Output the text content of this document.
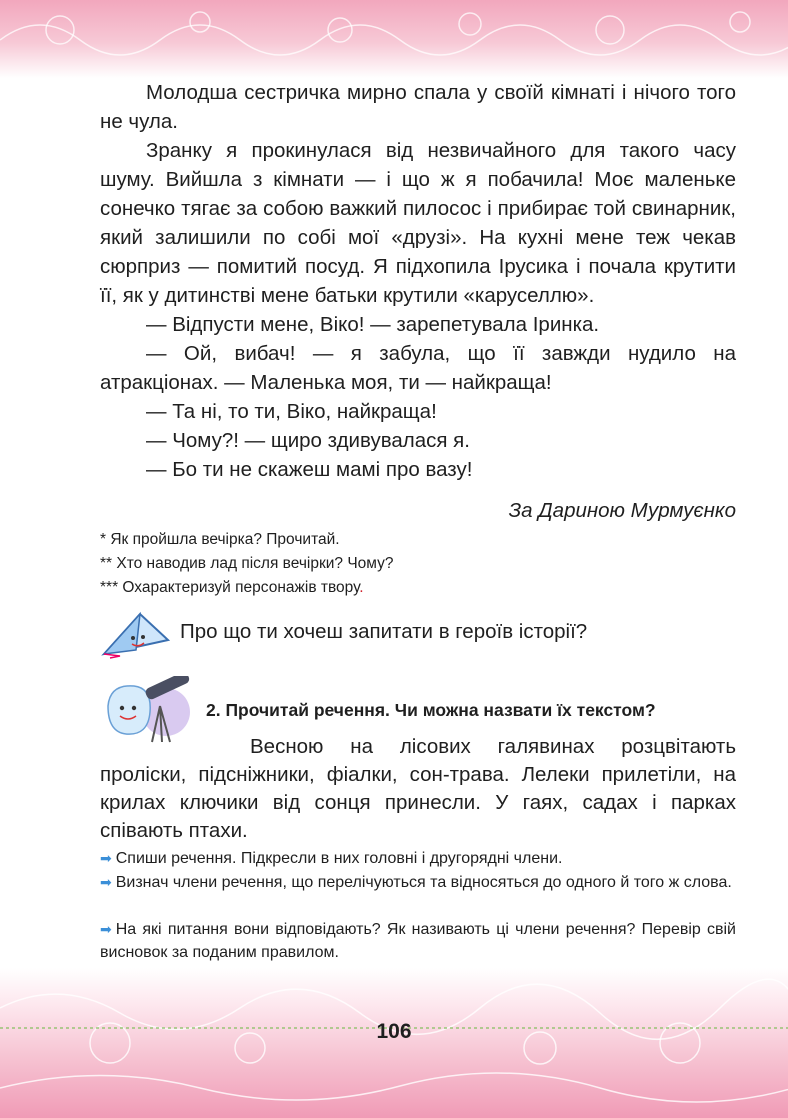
Молодша сестричка мирно спала у своїй кімнаті і нічого того не чула.

Зранку я прокинулася від незвичайного для такого часу шуму. Вийшла з кімнати — і що ж я побачила! Моє маленьке сонечко тягає за собою важкий пилосос і прибирає той свинарник, який залишили по собі мої «друзі». На кухні мене теж чекав сюрприз — помитий посуд. Я підхопила Ірусика і почала крутити її, як у дитинстві мене батьки крутили «каруселлю».

— Відпусти мене, Віко! — зарепетувала Іринка.

— Ой, вибач! — я забула, що її завжди нудило на атракціонах. — Маленька моя, ти — найкраща!

— Та ні, то ти, Віко, найкраща!

— Чому?! — щиро здивувалася я.

— Бо ти не скажеш мамі про вазу!

За Дариною Мурмуєнко
* Як пройшла вечірка? Прочитай.
** Хто наводив лад після вечірки? Чому?
*** Охарактеризуй персонажів твору.
Про що ти хочеш запитати в героїв історії?
2. Прочитай речення. Чи можна назвати їх текстом?

Весною на лісових галявинах розцвітають проліски, підсніжники, фіалки, сон-трава. Лелеки прилетіли, на крилах ключики від сонця принесли. У гаях, садах і парках співають птахи.

➡ Спиши речення. Підкресли в них головні і другорядні члени.
➡ Визнач члени речення, що перелічуються та відносяться до одного й того ж слова.
➡ На які питання вони відповідають? Як називають ці члени речення? Перевір свій висновок за поданим правилом.
106
